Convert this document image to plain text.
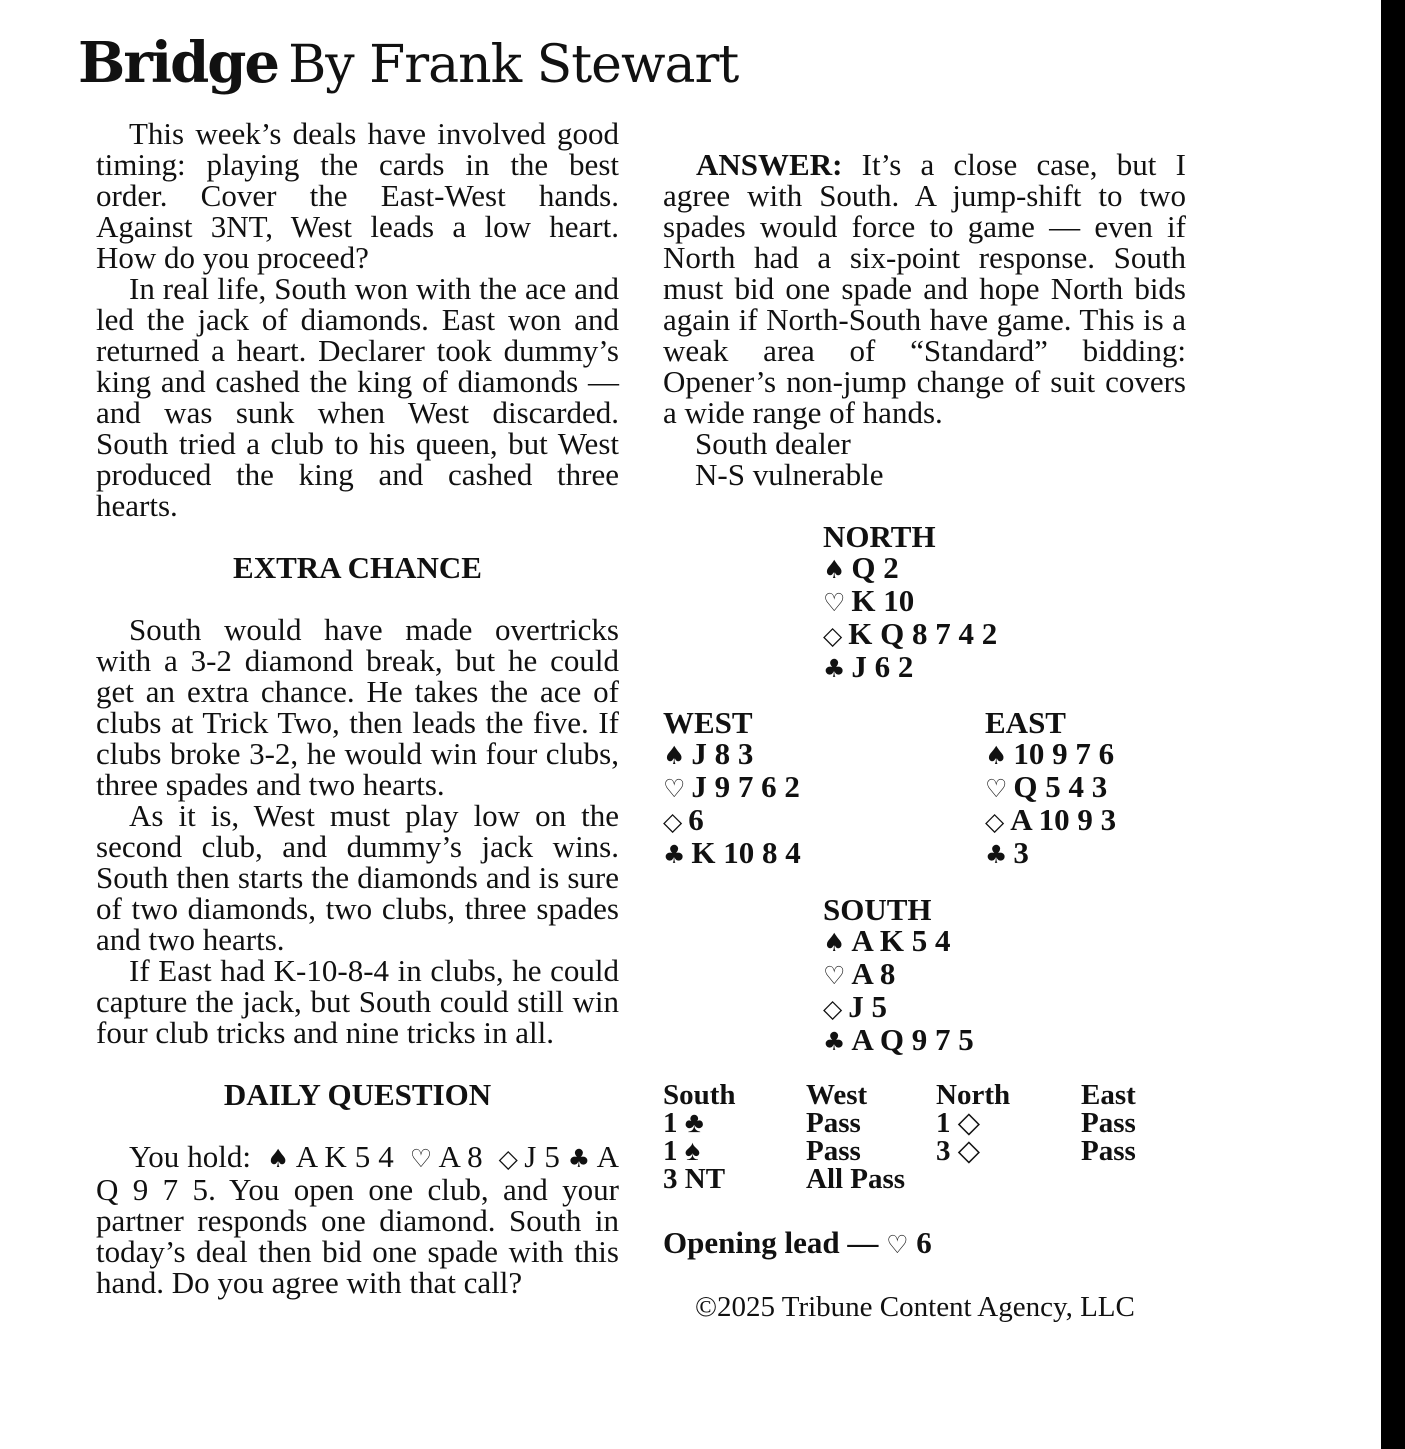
Bridge By Frank Stewart

This week’s deals have involved good timing: playing the cards in the best order. Cover the East-West hands. Against 3NT, West leads a low heart. How do you proceed?

In real life, South won with the ace and led the jack of diamonds. East won and returned a heart. Declarer took dummy’s king and cashed the king of diamonds — and was sunk when West discarded. South tried a club to his queen, but West produced the king and cashed three hearts.

EXTRA CHANCE

South would have made overtricks with a 3-2 diamond break, but he could get an extra chance. He takes the ace of clubs at Trick Two, then leads the five. If clubs broke 3-2, he would win four clubs, three spades and two hearts.

As it is, West must play low on the second club, and dummy’s jack wins. South then starts the diamonds and is sure of two diamonds, two clubs, three spades and two hearts.

If East had K-10-8-4 in clubs, he could capture the jack, but South could still win four club tricks and nine tricks in all.

DAILY QUESTION

You hold: ♠  A K 5 4 ♡  A 8 ◇  J 5 ♣  A Q 9 7 5. You open one club, and your partner responds one diamond. South in today’s deal then bid one spade with this hand. Do you agree with that call?

ANSWER: It’s a close case, but I agree with South. A jump-shift to two spades would force to game — even if North had a six-point response. South must bid one spade and hope North bids again if North-South have game. This is a weak area of “Standard” bidding: Opener’s non-jump change of suit covers a wide range of hands.

South dealer

N-S vulnerable

NORTH
♠ Q 2
♡ K 10
◇ K Q 8 7 4 2
♣ J 6 2
WEST
♠ J 8 3
♡ J 9 7 6 2
◇ 6
♣ K 10 8 4
EAST
♠ 10 9 7 6
♡ Q 5 4 3
◇ A 10 9 3
♣ 3
SOUTH
♠ A K 5 4
♡ A 8
◇ J 5
♣ A Q 9 7 5
South West North East
1 ♣	Pass	1 ◇	Pass
1 ♠	Pass	3 ◇	Pass
3 NT	All Pass
Opening lead — ♡ 6
©2025 Tribune Content Agency, LLC
